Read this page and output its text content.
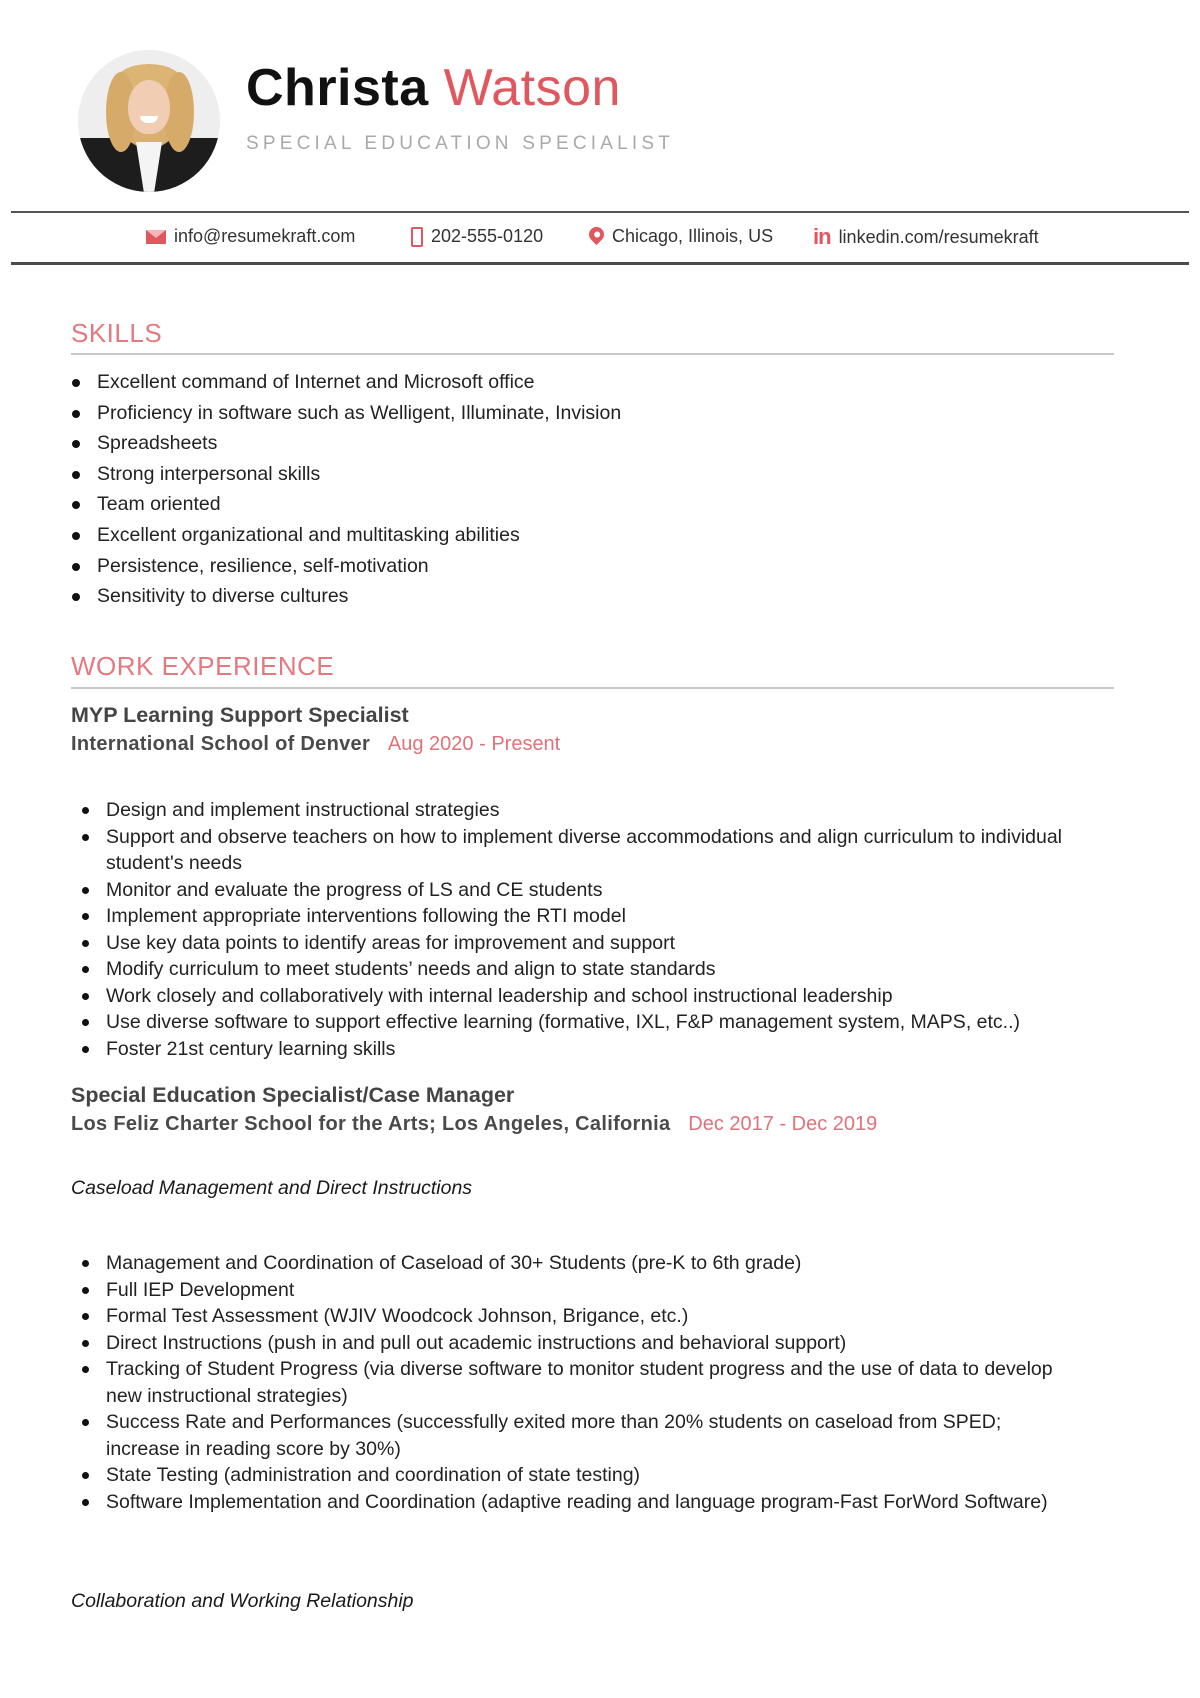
Christa Watson
SPECIAL EDUCATION SPECIALIST
info@resumekraft.com	202-555-0120	Chicago, Illinois, US in linkedin.com/resumekraft
SKILLS
Excellent command of Internet and Microsoft office
Proficiency in software such as Welligent, Illuminate, Invision
Spreadsheets
Strong interpersonal skills
Team oriented
Excellent organizational and multitasking abilities
Persistence, resilience, self-motivation
Sensitivity to diverse cultures
WORK EXPERIENCE
MYP Learning Support Specialist
International School of Denver Aug 2020 - Present
Design and implement instructional strategies
Support and observe teachers on how to implement diverse accommodations and align curriculum to individual student's needs
Monitor and evaluate the progress of LS and CE students
Implement appropriate interventions following the RTI model
Use key data points to identify areas for improvement and support
Modify curriculum to meet students’ needs and align to state standards
Work closely and collaboratively with internal leadership and school instructional leadership
Use diverse software to support effective learning (formative, IXL, F&P management system, MAPS, etc..)
Foster 21st century learning skills
Special Education Specialist/Case Manager
Los Feliz Charter School for the Arts; Los Angeles, California Dec 2017 - Dec 2019
Caseload Management and Direct Instructions
Management and Coordination of Caseload of 30+ Students (pre-K to 6th grade)
Full IEP Development
Formal Test Assessment (WJIV Woodcock Johnson, Brigance, etc.)
Direct Instructions (push in and pull out academic instructions and behavioral support)
Tracking of Student Progress (via diverse software to monitor student progress and the use of data to develop new instructional strategies)
Success Rate and Performances (successfully exited more than 20% students on caseload from SPED; increase in reading score by 30%)
State Testing (administration and coordination of state testing)
Software Implementation and Coordination (adaptive reading and language program-Fast ForWord Software)
Collaboration and Working Relationship
